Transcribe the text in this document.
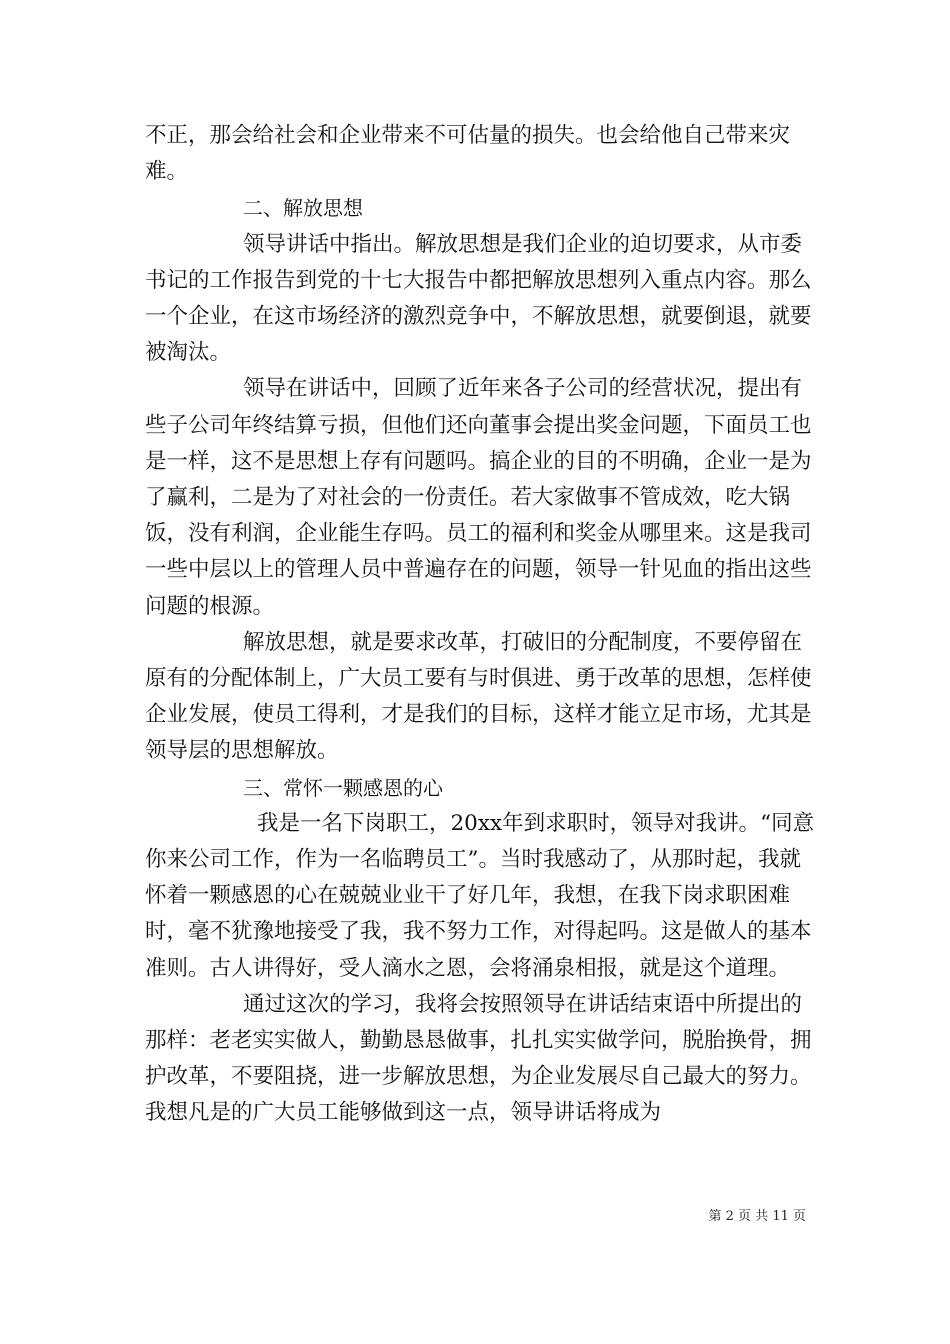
不正，那会给社会和企业带来不可估量的损失。也会给他自己带来灾难。

二、解放思想

领导讲话中指出。解放思想是我们企业的迫切要求，从市委书记的工作报告到党的十七大报告中都把解放思想列入重点内容。那么一个企业，在这市场经济的激烈竞争中，不解放思想，就要倒退，就要被淘汰。

领导在讲话中，回顾了近年来各子公司的经营状况，提出有些子公司年终结算亏损，但他们还向董事会提出奖金问题，下面员工也是一样，这不是思想上存有问题吗。搞企业的目的不明确，企业一是为了赢利，二是为了对社会的一份责任。若大家做事不管成效，吃大锅饭，没有利润，企业能生存吗。员工的福利和奖金从哪里来。这是我司一些中层以上的管理人员中普遍存在的问题，领导一针见血的指出这些问题的根源。

解放思想，就是要求改革，打破旧的分配制度，不要停留在原有的分配体制上，广大员工要有与时俱进、勇于改革的思想，怎样使企业发展，使员工得利，才是我们的目标，这样才能立足市场，尤其是领导层的思想解放。

三、常怀一颗感恩的心

我是一名下岗职工，20xx年到求职时，领导对我讲。“同意你来公司工作，作为一名临聘员工”。当时我感动了，从那时起，我就怀着一颗感恩的心在兢兢业业干了好几年，我想，在我下岗求职困难时，毫不犹豫地接受了我，我不努力工作，对得起吗。这是做人的基本准则。古人讲得好，受人滴水之恩，会将涌泉相报，就是这个道理。

通过这次的学习，我将会按照领导在讲话结束语中所提出的那样：老老实实做人，勤勤恳恳做事，扎扎实实做学问，脱胎换骨，拥护改革，不要阻挠，进一步解放思想，为企业发展尽自己最大的努力。我想凡是的广大员工能够做到这一点，领导讲话将成为

第 2 页 共 11 页
